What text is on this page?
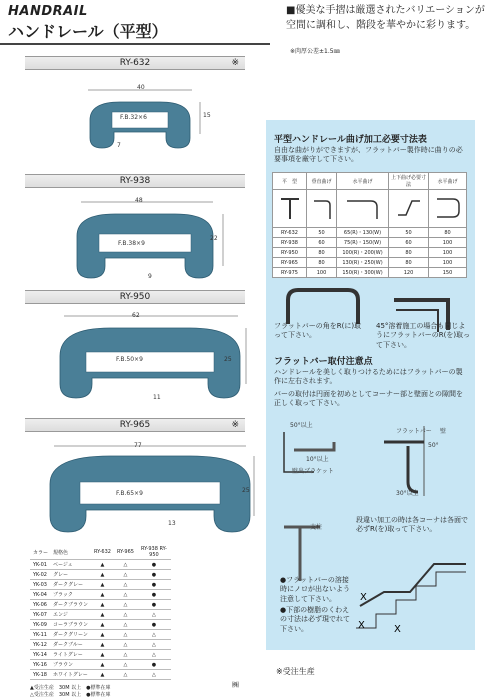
HANDRAIL
ハンドレール（平型）
■優美な手摺は厳選されたバリエーションが空間に調和し、階段を華やかに彩ります。
※肉厚公差±1.5㎜
RY-632	※
40
F.B.32×6	15
7
RY-938
48
F.B.38×9
22
9
RY-950
62
F.B.50×9	25
11
RY-965	※
77
F.B.65×9	25
13
カラー　規格色		RY-632	RY-965	RY-938 RY-950
YK-01	ベージュ	▲	△	●
YK-02	グレー	▲	△	●
YK-03	ダークグレー	▲	△	●
YK-04	ブラック	▲	△	●
YK-06	ダークブラウン	▲	△	●
YK-07	エンジ	▲	△	△
YK-09	コーラブラウン	▲	△	●
YK-11	ダークグリーン	▲	△	△
YK-12	ダークブルー	▲	△	△
YK-14	ライトグレー	▲	△	△
YK-16	ブラウン	▲	△	●
YK-18	ホワイトグレー	▲	△	△
▲受注生産　30M 以上　●標準在庫
△受注生産　30M 以上　●標準在庫
平型ハンドレール曲げ加工必要寸法表
自由な曲がりができますが、フラットバー製作時に曲りの必要事項を厳守して下さい。
平　型	垂直曲げ	水平曲げ	上下曲げ必要寸法	水平曲げ

RY-632	50	65(R)・130(W)	50	80
RY-938	60	75(R)・150(W)	60	100
RY-950	80	100(R)・200(W)	80	100
RY-965	80	130(R)・250(W)	80	100
RY-975	100	150(R)・300(W)	120	150
フラットバーの角をR(に)取って下さい。
45°溶着施工の場合も同じようにフラットバーのR(を)取って下さい。
フラットバー取付注意点
ハンドレールを美しく取りつけるためにはフラットバーの製作に左右されます。
バーの取付は円面を初めとしてコーナー部と壁面との隙間を正しく取って下さい。
50°以上
10°以上
壁出ブラケット
フラットバー 壁
50°
30°以上
支柱
段違い加工の時は各コーナは各面で必ずR(を)取って下さい。
X
X	X
●フラットバーの溶接時にノロが出ないよう注意して下さい。
●下部の樹脂のくわえの寸法は必ず現でれて下さい。
※受注生産
㈱
